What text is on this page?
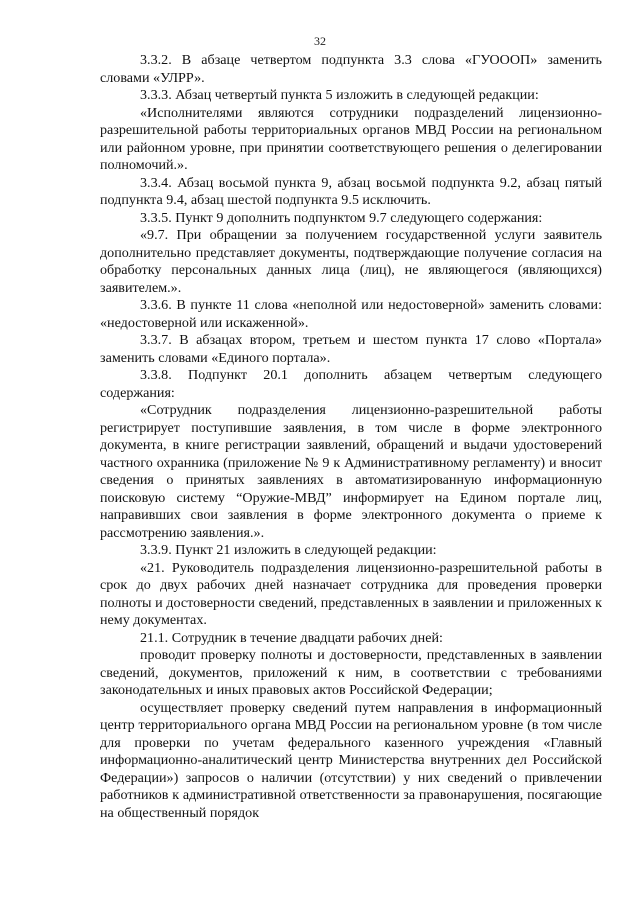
32

3.3.2. В абзаце четвертом подпункта 3.3 слова «ГУОООП» заменить словами «УЛРР».

3.3.3. Абзац четвертый пункта 5 изложить в следующей редакции:

«Исполнителями являются сотрудники подразделений лицензионно-разрешительной работы территориальных органов МВД России на региональном или районном уровне, при принятии соответствующего решения о делегировании полномочий.».

3.3.4. Абзац восьмой пункта 9, абзац восьмой подпункта 9.2, абзац пятый подпункта 9.4, абзац шестой подпункта 9.5 исключить.

3.3.5. Пункт 9 дополнить подпунктом 9.7 следующего содержания:

«9.7. При обращении за получением государственной услуги заявитель дополнительно представляет документы, подтверждающие получение согласия на обработку персональных данных лица (лиц), не являющегося (являющихся) заявителем.».

3.3.6. В пункте 11 слова «неполной или недостоверной» заменить словами: «недостоверной или искаженной».

3.3.7. В абзацах втором, третьем и шестом пункта 17 слово «Портала» заменить словами «Единого портала».

3.3.8. Подпункт 20.1 дополнить абзацем четвертым следующего содержания:

«Сотрудник подразделения лицензионно-разрешительной работы регистрирует поступившие заявления, в том числе в форме электронного документа, в книге регистрации заявлений, обращений и выдачи удостоверений частного охранника (приложение № 9 к Административному регламенту) и вносит сведения о принятых заявлениях в автоматизированную информационную поисковую систему “Оружие-МВД” информирует на Едином портале лиц, направивших свои заявления в форме электронного документа о приеме к рассмотрению заявления.».

3.3.9. Пункт 21 изложить в следующей редакции:

«21. Руководитель подразделения лицензионно-разрешительной работы в срок до двух рабочих дней назначает сотрудника для проведения проверки полноты и достоверности сведений, представленных в заявлении и приложенных к нему документах.

21.1. Сотрудник в течение двадцати рабочих дней:

проводит проверку полноты и достоверности, представленных в заявлении сведений, документов, приложений к ним, в соответствии с требованиями законодательных и иных правовых актов Российской Федерации;

осуществляет проверку сведений путем направления в информационный центр территориального органа МВД России на региональном уровне (в том числе для проверки по учетам федерального казенного учреждения «Главный информационно-аналитический центр Министерства внутренних дел Российской Федерации») запросов о наличии (отсутствии) у них сведений о привлечении работников к административной ответственности за правонарушения, посягающие на общественный порядок
